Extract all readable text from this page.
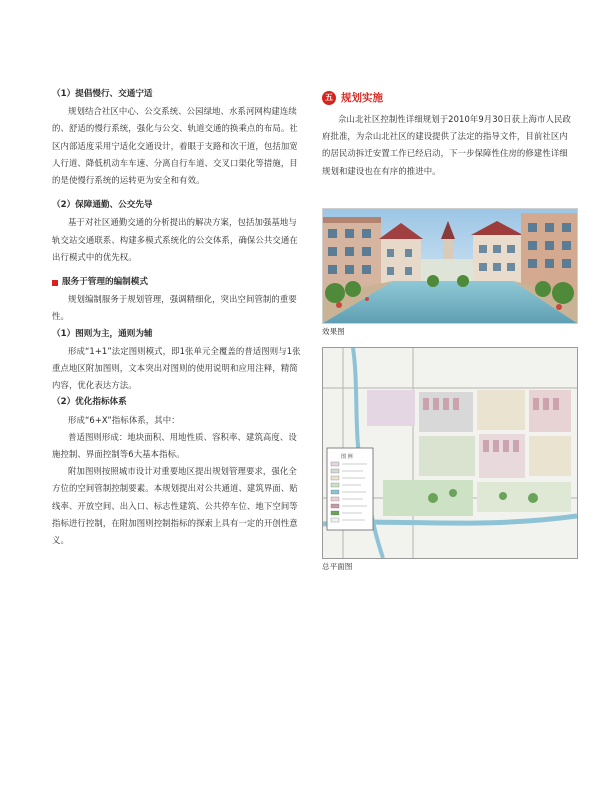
（1）提倡慢行、交通宁适

规划结合社区中心、公交系统、公园绿地、水系河网构建连续的、舒适的慢行系统，强化与公交、轨道交通的换乘点的布局。社区内部适度采用宁适化交通设计，着眼于支路和次干道，包括加宽人行道、降低机动车车速、分离自行车道、交叉口渠化等措施，目的是使慢行系统的运转更为安全和有效。

（2）保障通勤、公交先导

基于对社区通勤交通的分析提出的解决方案，包括加强基地与轨交站交通联系、构建多模式系统化的公交体系，确保公共交通在出行模式中的优先权。

服务于管理的编制模式

规划编制服务于规划管理，强调精细化，突出空间管制的重要性。

（1）图则为主，通则为辅

形成“1+1”法定图则模式，即1张单元全覆盖的普适图则与1张重点地区附加图则，文本突出对图则的使用说明和应用注释，精简内容，优化表达方法。

（2）优化指标体系

形成“6+X”指标体系，其中：

普适图则形成：地块面积、用地性质、容积率、建筑高度、设施控制、界面控制等6大基本指标。

附加图则按照城市设计对重要地区提出规划管理要求，强化全方位的空间管制控制要素。本规划提出对公共通道、建筑界面、贴线率、开放空间、出入口、标志性建筑、公共停车位、地下空间等指标进行控制，在附加图则控制指标的探索上具有一定的开创性意义。

五 规划实施

佘山北社区控制性详细规划于2010年9月30日获上海市人民政府批准，为佘山北社区的建设提供了法定的指导文件，目前社区内的居民动拆迁安置工作已经启动，下一步保障性住房的修建性详细规划和建设也在有序的推进中。

效果图

图 例

总平面图
